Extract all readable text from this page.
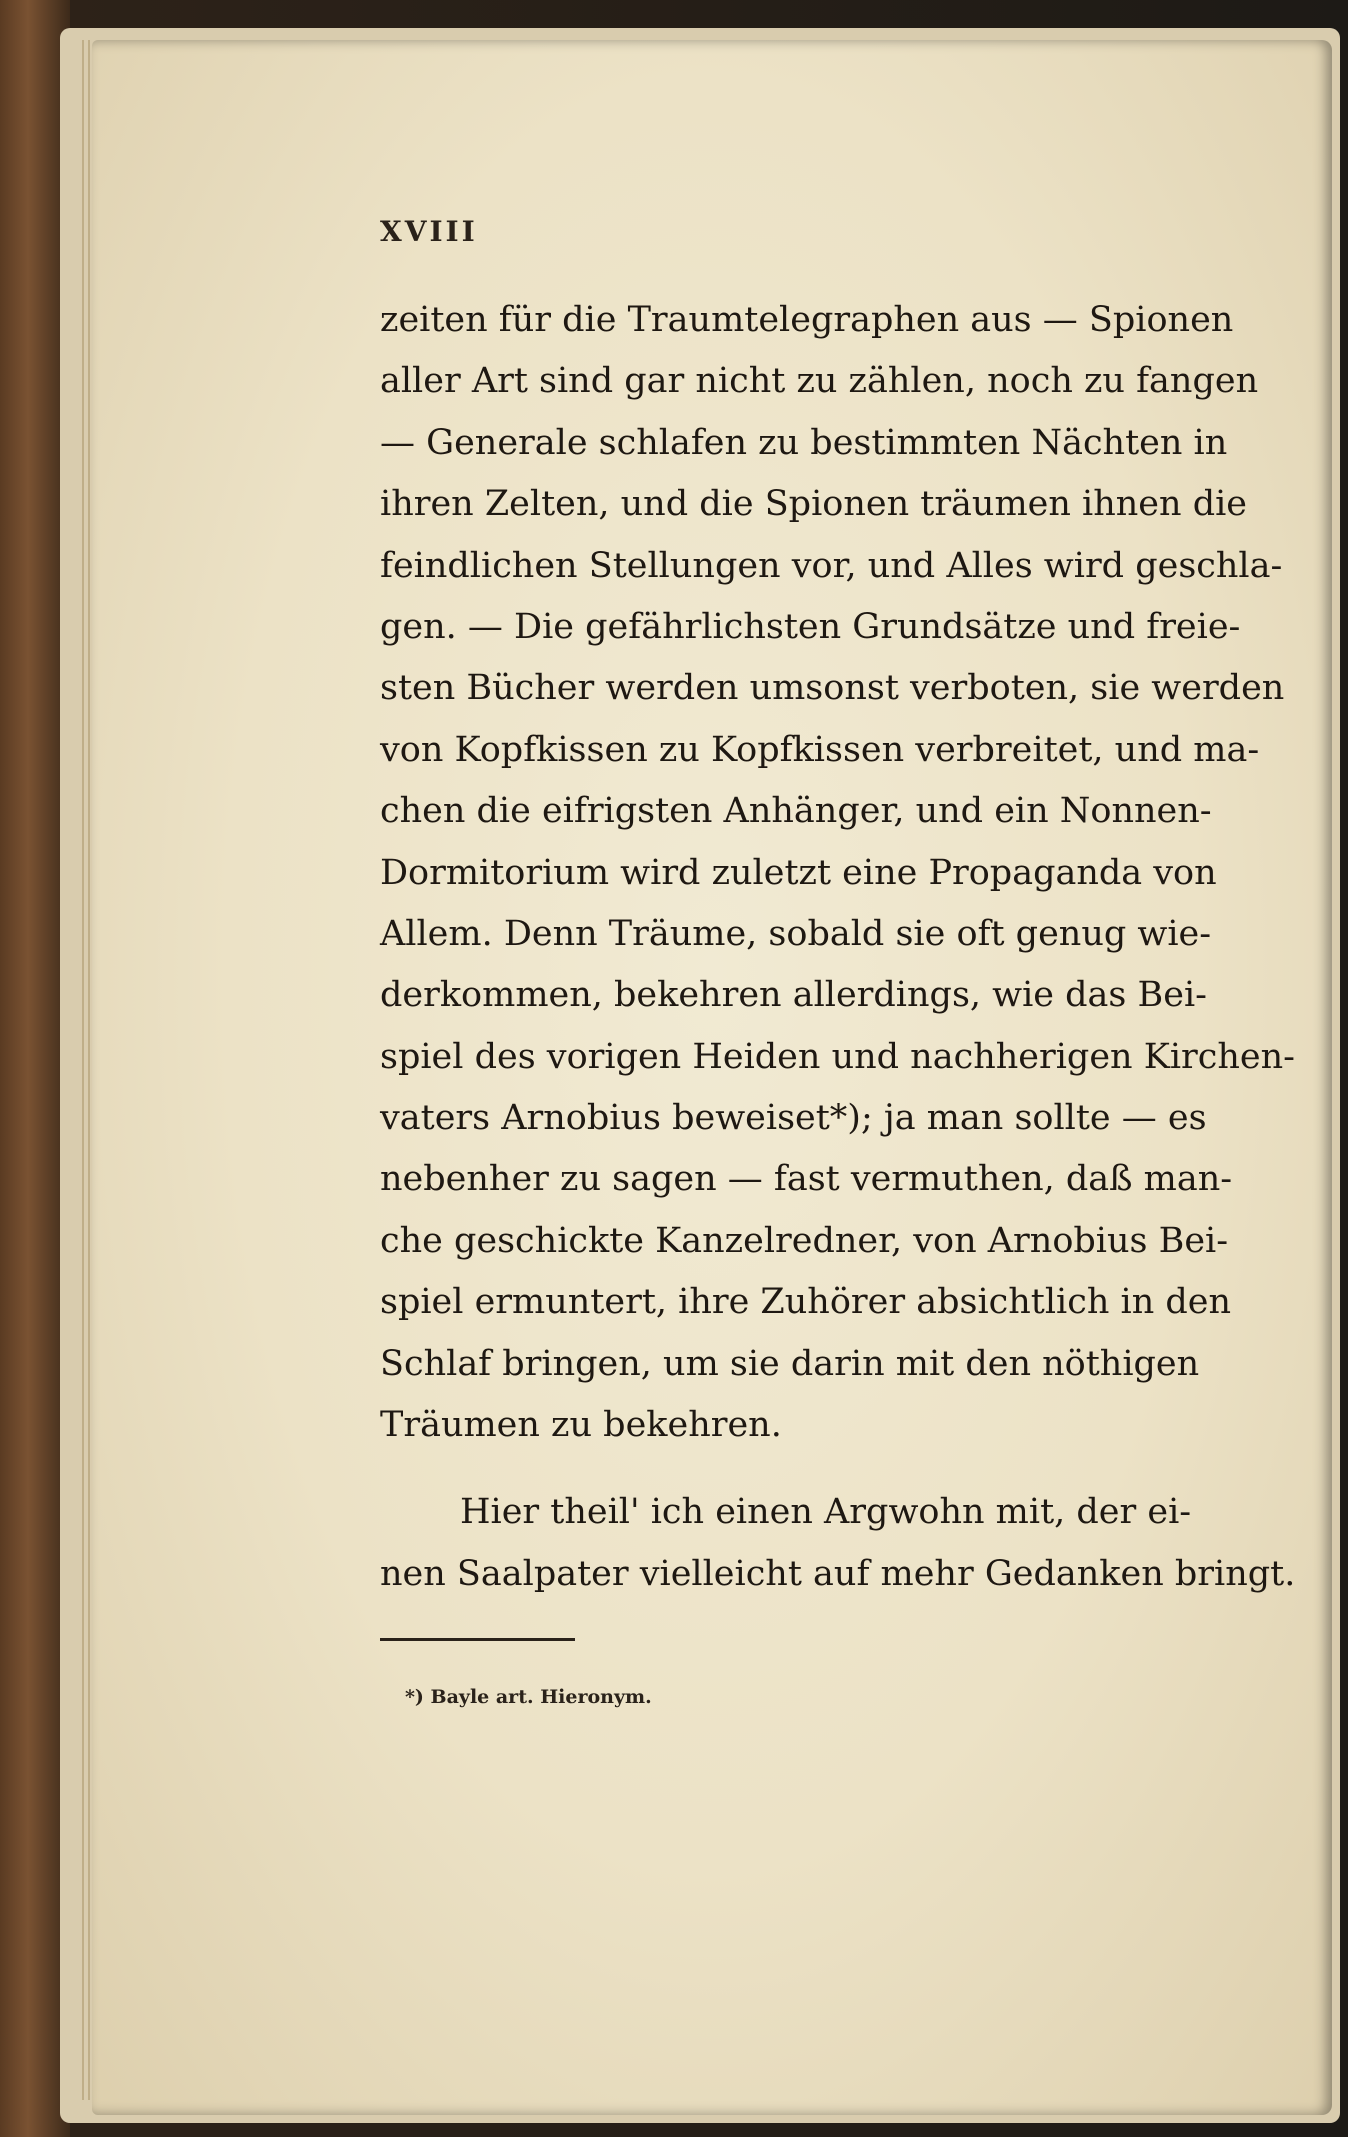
XVIII
zeiten für die Traumtelegraphen aus — Spionen
aller Art sind gar nicht zu zählen, noch zu fangen
— Generale schlafen zu bestimmten Nächten in
ihren Zelten, und die Spionen träumen ihnen die
feindlichen Stellungen vor, und Alles wird geschla-
gen. — Die gefährlichsten Grundsätze und freie-
sten Bücher werden umsonst verboten, sie werden
von Kopfkissen zu Kopfkissen verbreitet, und ma-
chen die eifrigsten Anhänger, und ein Nonnen-
Dormitorium wird zuletzt eine Propaganda von
Allem. Denn Träume, sobald sie oft genug wie-
derkommen, bekehren allerdings, wie das Bei-
spiel des vorigen Heiden und nachherigen Kirchen-
vaters Arnobius beweiset*); ja man sollte — es
nebenher zu sagen — fast vermuthen, daß man-
che geschickte Kanzelredner, von Arnobius Bei-
spiel ermuntert, ihre Zuhörer absichtlich in den
Schlaf bringen, um sie darin mit den nöthigen
Träumen zu bekehren.
Hier theil' ich einen Argwohn mit, der ei-
nen Saalpater vielleicht auf mehr Gedanken bringt.
*) Bayle art. Hieronym.
